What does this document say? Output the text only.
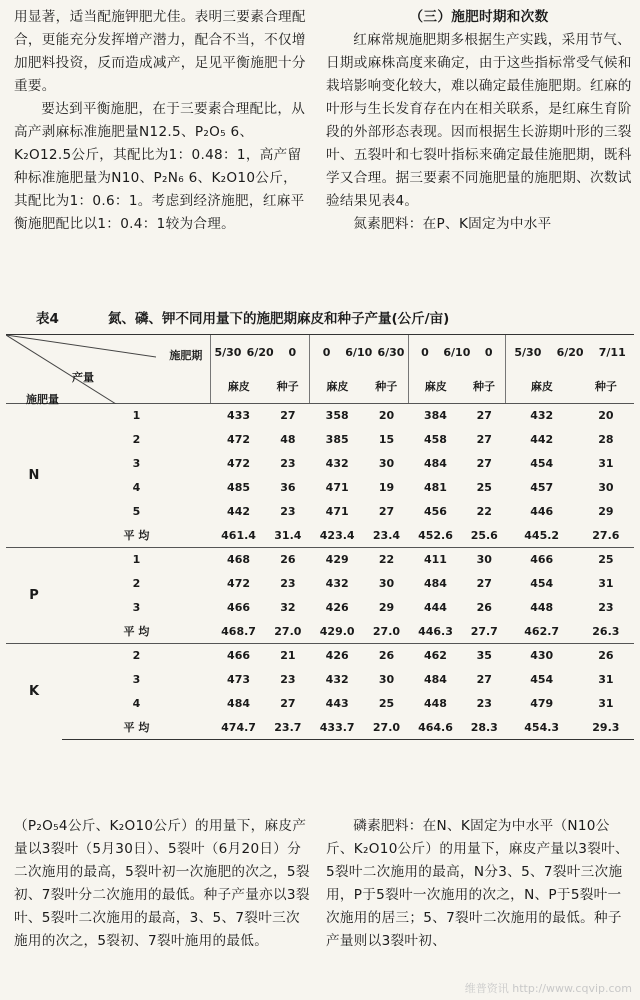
用显著，适当配施钾肥尤佳。表明三要素合理配合，更能充分发挥增产潜力，配合不当，不仅增加肥料投资，反而造成减产，足见平衡施肥十分重要。

要达到平衡施肥，在于三要素合理配比，从高产剥麻标准施肥量N12.5、P₂O₅ 6、K₂O12.5公斤，其配比为1：0.48：1，高产留种标准施肥量为N10、P₂N₆ 6、K₂O10公斤，其配比为1：0.6：1。考虑到经济施肥，红麻平衡施肥配比以1：0.4：1较为合理。

（三）施肥时期和次数

红麻常规施肥期多根据生产实践，采用节气、日期或麻株高度来确定，由于这些指标常受气候和栽培影响变化较大，难以确定最佳施肥期。红麻的叶形与生长发育存在内在相关联系，是红麻生育阶段的外部形态表现。因而根据生长游期叶形的三裂叶、五裂叶和七裂叶指标来确定最佳施肥期，既科学又合理。据三要素不同施肥量的施肥期、次数试验结果见表4。

氮素肥料：在P、K固定为中水平

表4	氮、磷、钾不同用量下的施肥期麻皮和种子产量(公斤/亩)
施肥期
产量
施肥量		5/30 6/20 0		0 6/10 6/30		0 6/10 0		5/30 6/20 7/11	
		麻皮	种子	麻皮	种子	麻皮	种子	麻皮	种子
N	1	433	27	358	20	384	27	432	20
	2	472	48	385	15	458	27	442	28
	3	472	23	432	30	484	27	454	31
	4	485	36	471	19	481	25	457	30
	5	442	23	471	27	456	22	446	29
	平 均	461.4	31.4	423.4	23.4	452.6	25.6	445.2	27.6
P	1	468	26	429	22	411	30	466	25
	2	472	23	432	30	484	27	454	31
	3	466	32	426	29	444	26	448	23
	平 均	468.7	27.0	429.0	27.0	446.3	27.7	462.7	26.3
K	2	466	21	426	26	462	35	430	26
	3	473	23	432	30	484	27	454	31
	4	484	27	443	25	448	23	479	31
	平 均	474.7	23.7	433.7	27.0	464.6	28.3	454.3	29.3

（P₂O₅4公斤、K₂O10公斤）的用量下，麻皮产量以3裂叶（5月30日）、5裂叶（6月20日）分二次施用的最高，5裂叶初一次施肥的次之，5裂初、7裂叶分二次施用的最低。种子产量亦以3裂叶、5裂叶二次施用的最高，3、5、7裂叶三次施用的次之，5裂初、7裂叶施用的最低。

磷素肥料：在N、K固定为中水平（N10公斤、K₂O10公斤）的用量下，麻皮产量以3裂叶、5裂叶二次施用的最高，N分3、5、7裂叶三次施用，P于5裂叶一次施用的次之，N、P于5裂叶一次施用的居三；5、7裂叶二次施用的最低。种子产量则以3裂叶初、

维普资讯 http://www.cqvip.com
